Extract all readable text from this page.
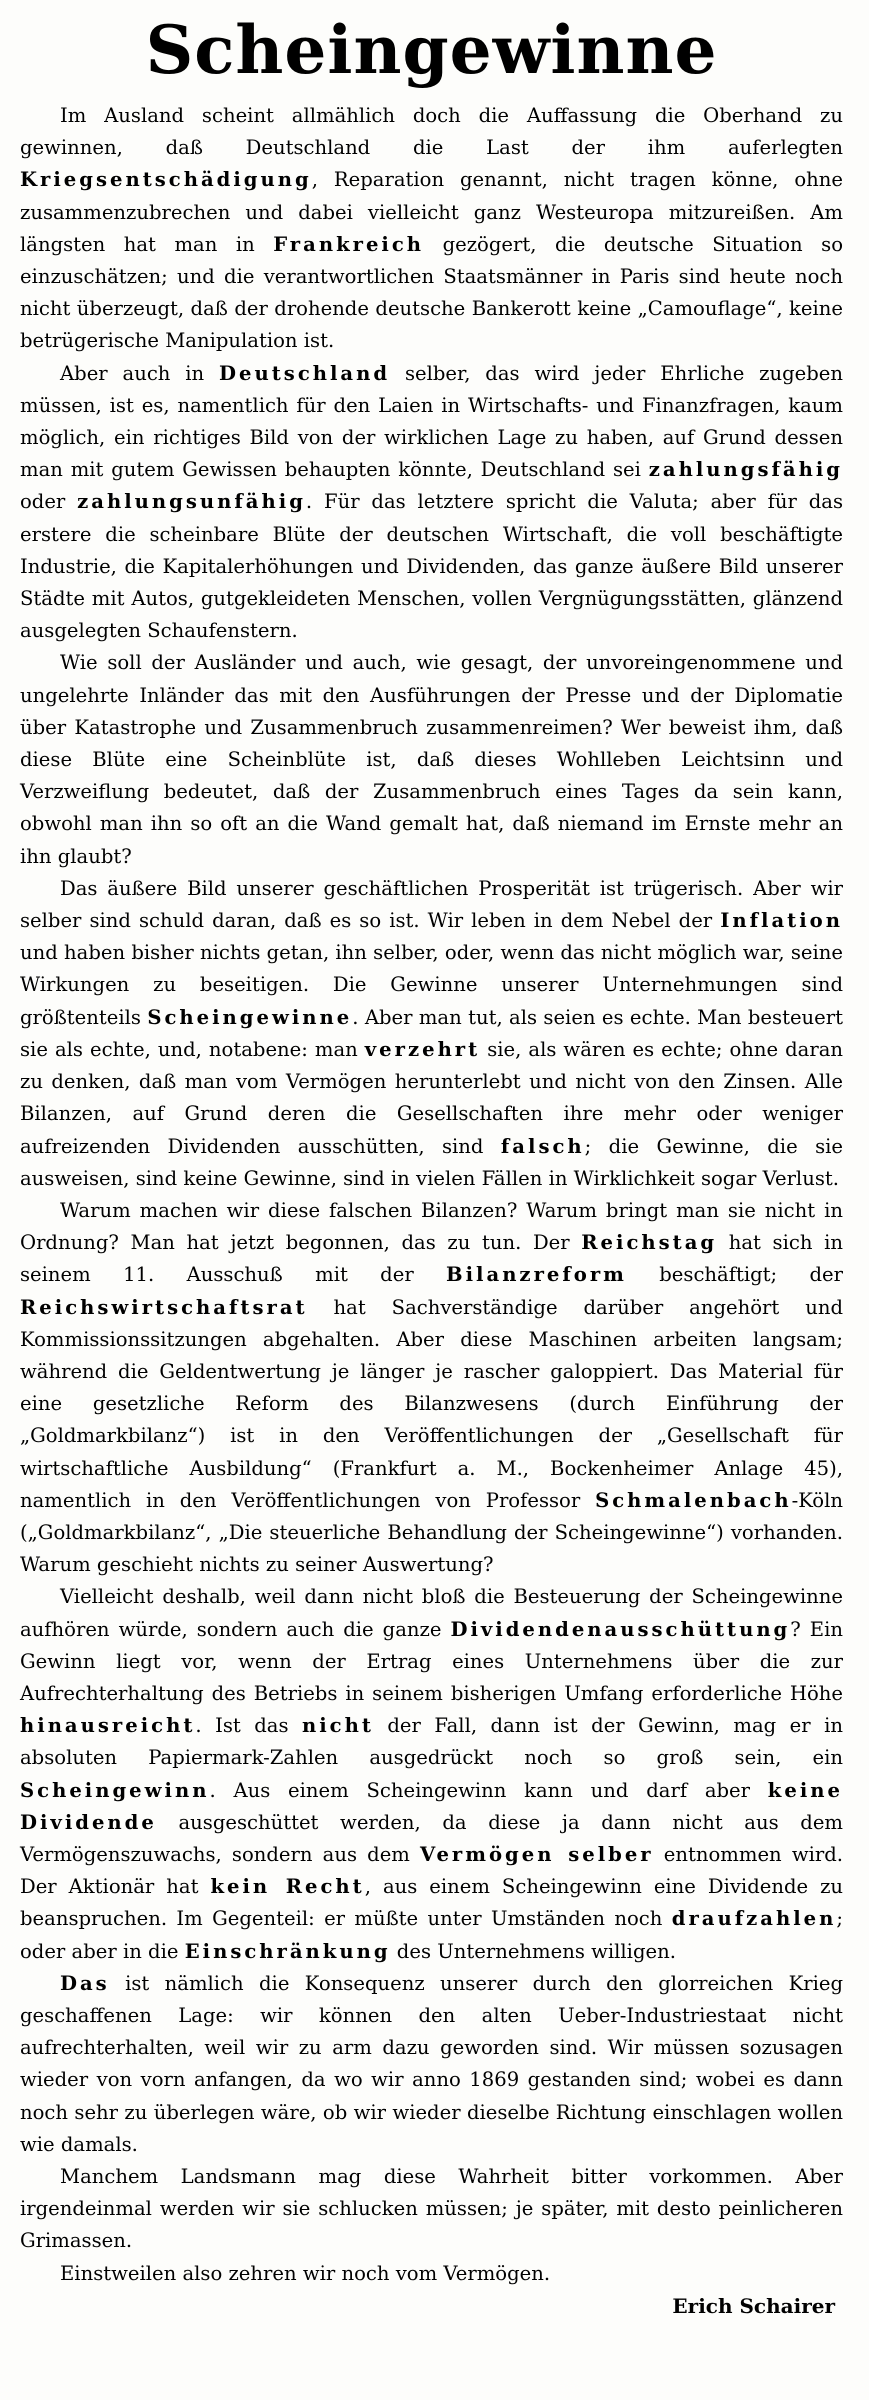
Scheingewinne

Im Ausland scheint allmählich doch die Auffassung die Oberhand zu gewinnen, daß Deutschland die Last der ihm auferlegten Kriegsentschädigung, Reparation genannt, nicht tragen könne, ohne zusammenzubrechen und dabei vielleicht ganz Westeuropa mitzureißen. Am längsten hat man in Frankreich gezögert, die deutsche Situation so einzuschätzen; und die verantwortlichen Staatsmänner in Paris sind heute noch nicht überzeugt, daß der drohende deutsche Bankerott keine „Camouflage“, keine betrügerische Manipulation ist.

Aber auch in Deutschland selber, das wird jeder Ehrliche zugeben müssen, ist es, namentlich für den Laien in Wirtschafts- und Finanzfragen, kaum möglich, ein richtiges Bild von der wirklichen Lage zu haben, auf Grund dessen man mit gutem Gewissen behaupten könnte, Deutschland sei zahlungsfähig oder zahlungsunfähig. Für das letztere spricht die Valuta; aber für das erstere die scheinbare Blüte der deutschen Wirtschaft, die voll beschäftigte Industrie, die Kapitalerhöhungen und Dividenden, das ganze äußere Bild unserer Städte mit Autos, gutgekleideten Menschen, vollen Vergnügungsstätten, glänzend ausgelegten Schaufenstern.

Wie soll der Ausländer und auch, wie gesagt, der unvoreingenommene und ungelehrte Inländer das mit den Ausführungen der Presse und der Diplomatie über Katastrophe und Zusammenbruch zusammenreimen? Wer beweist ihm, daß diese Blüte eine Scheinblüte ist, daß dieses Wohlleben Leichtsinn und Verzweiflung bedeutet, daß der Zusammenbruch eines Tages da sein kann, obwohl man ihn so oft an die Wand gemalt hat, daß niemand im Ernste mehr an ihn glaubt?

Das äußere Bild unserer geschäftlichen Prosperität ist trügerisch. Aber wir selber sind schuld daran, daß es so ist. Wir leben in dem Nebel der Inflation und haben bisher nichts getan, ihn selber, oder, wenn das nicht möglich war, seine Wirkungen zu beseitigen. Die Gewinne unserer Unternehmungen sind größtenteils Scheingewinne. Aber man tut, als seien es echte. Man besteuert sie als echte, und, notabene: man verzehrt sie, als wären es echte; ohne daran zu denken, daß man vom Vermögen herunterlebt und nicht von den Zinsen. Alle Bilanzen, auf Grund deren die Gesellschaften ihre mehr oder weniger aufreizenden Dividenden ausschütten, sind falsch; die Gewinne, die sie ausweisen, sind keine Gewinne, sind in vielen Fällen in Wirklichkeit sogar Verlust.

Warum machen wir diese falschen Bilanzen? Warum bringt man sie nicht in Ordnung? Man hat jetzt begonnen, das zu tun. Der Reichstag hat sich in seinem 11. Ausschuß mit der Bilanzreform beschäftigt; der Reichswirtschaftsrat hat Sachverständige darüber angehört und Kommissionssitzungen abgehalten. Aber diese Maschinen arbeiten langsam; während die Geldentwertung je länger je rascher galoppiert. Das Material für eine gesetzliche Reform des Bilanzwesens (durch Einführung der „Goldmarkbilanz“) ist in den Veröffentlichungen der „Gesellschaft für wirtschaftliche Ausbildung“ (Frankfurt a. M., Bockenheimer Anlage 45), namentlich in den Veröffentlichungen von Professor Schmalenbach-Köln („Goldmarkbilanz“, „Die steuerliche Behandlung der Scheingewinne“) vorhanden. Warum geschieht nichts zu seiner Auswertung?

Vielleicht deshalb, weil dann nicht bloß die Besteuerung der Scheingewinne aufhören würde, sondern auch die ganze Dividendenausschüttung? Ein Gewinn liegt vor, wenn der Ertrag eines Unternehmens über die zur Aufrechterhaltung des Betriebs in seinem bisherigen Umfang erforderliche Höhe hinausreicht. Ist das nicht der Fall, dann ist der Gewinn, mag er in absoluten Papiermark-Zahlen ausgedrückt noch so groß sein, ein Scheingewinn. Aus einem Scheingewinn kann und darf aber keine Dividende ausgeschüttet werden, da diese ja dann nicht aus dem Vermögenszuwachs, sondern aus dem Vermögen selber entnommen wird. Der Aktionär hat kein Recht, aus einem Scheingewinn eine Dividende zu beanspruchen. Im Gegenteil: er müßte unter Umständen noch draufzahlen; oder aber in die Einschränkung des Unternehmens willigen.

Das ist nämlich die Konsequenz unserer durch den glorreichen Krieg geschaffenen Lage: wir können den alten Ueber-Industriestaat nicht aufrechterhalten, weil wir zu arm dazu geworden sind. Wir müssen sozusagen wieder von vorn anfangen, da wo wir anno 1869 gestanden sind; wobei es dann noch sehr zu überlegen wäre, ob wir wieder dieselbe Richtung einschlagen wollen wie damals.

Manchem Landsmann mag diese Wahrheit bitter vorkommen. Aber irgendeinmal werden wir sie schlucken müssen; je später, mit desto peinlicheren Grimassen.

Einstweilen also zehren wir noch vom Vermögen.

Erich Schairer
